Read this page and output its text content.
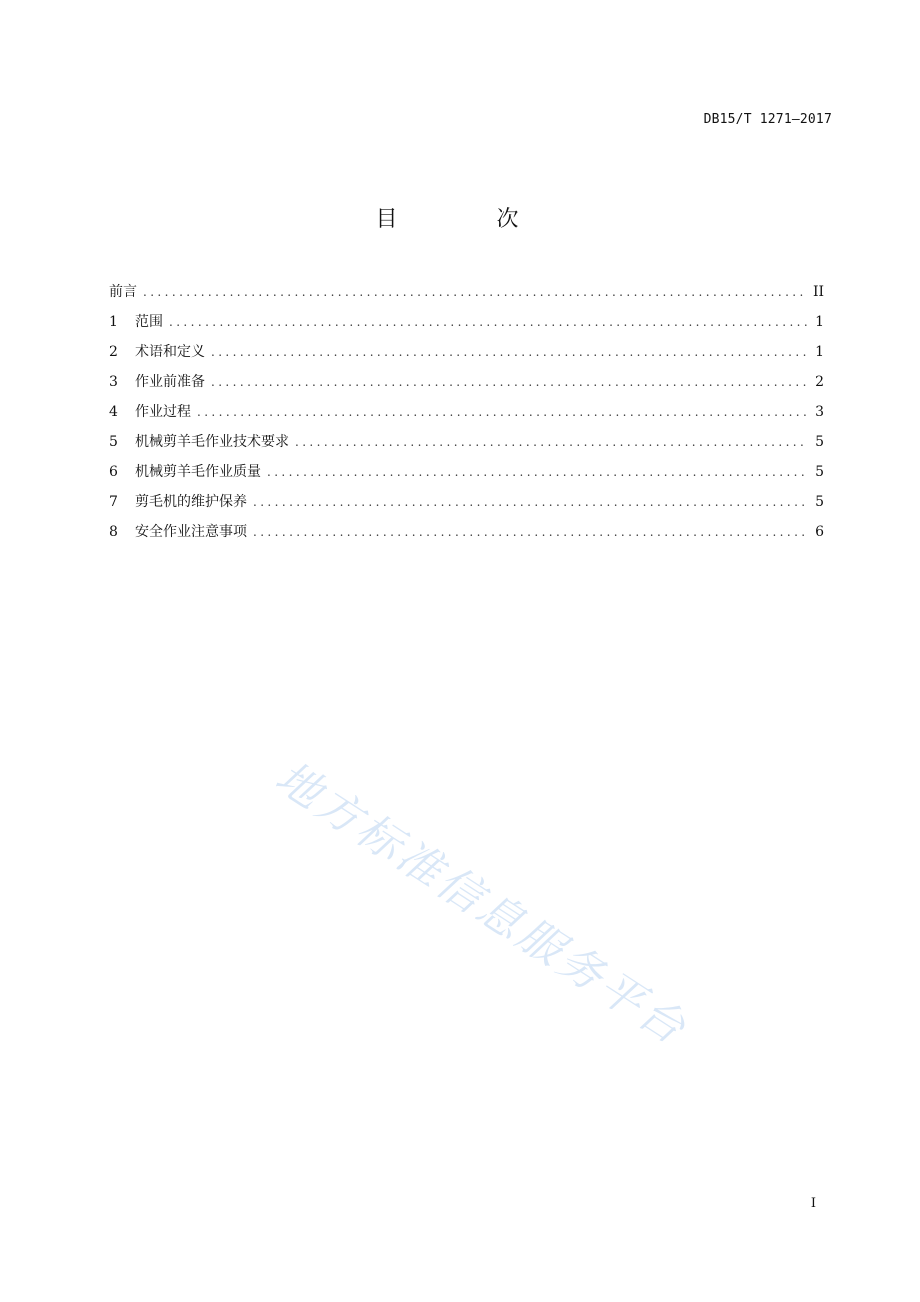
DB15/T 1271—2017
目 次
前言 .....	II
1	范围 .....	1
2	术语和定义 .....	1
3	作业前准备 .....	2
4	作业过程 .....	3
5	机械剪羊毛作业技术要求 .....	5
6	机械剪羊毛作业质量 .....	5
7	剪毛机的维护保养 .....	5
8	安全作业注意事项 .....	6
地方标准信息服务平台
I
